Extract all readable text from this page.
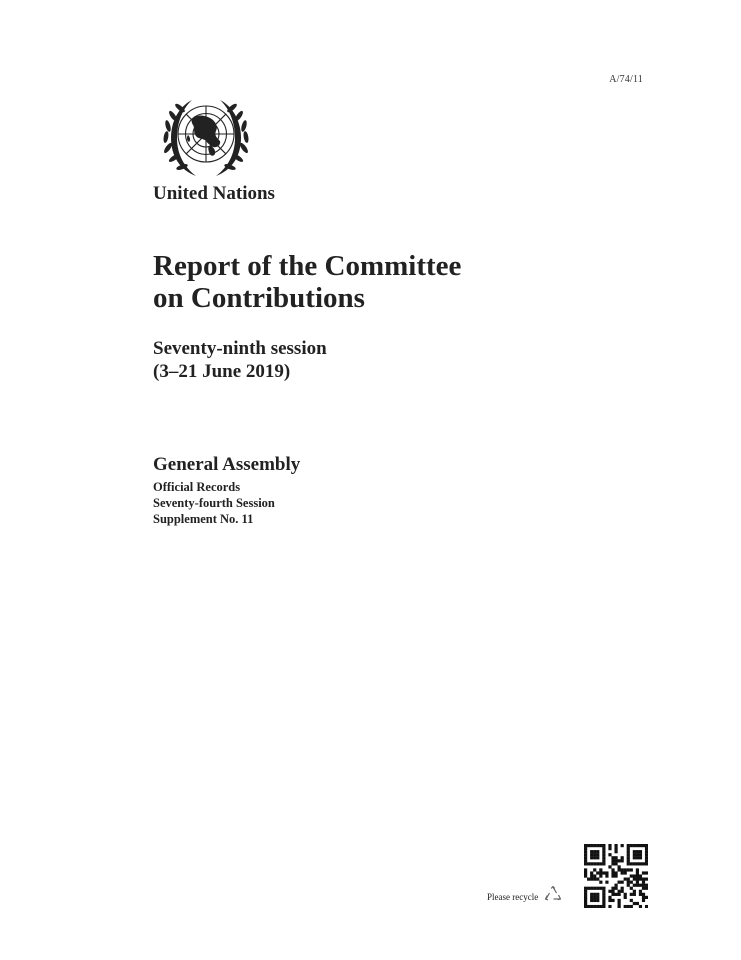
A/74/11
United Nations
Report of the Committee
on Contributions
Seventy-ninth session
(3–21 June 2019)
General Assembly
Official Records
Seventy-fourth Session
Supplement No. 11
Please recycle
